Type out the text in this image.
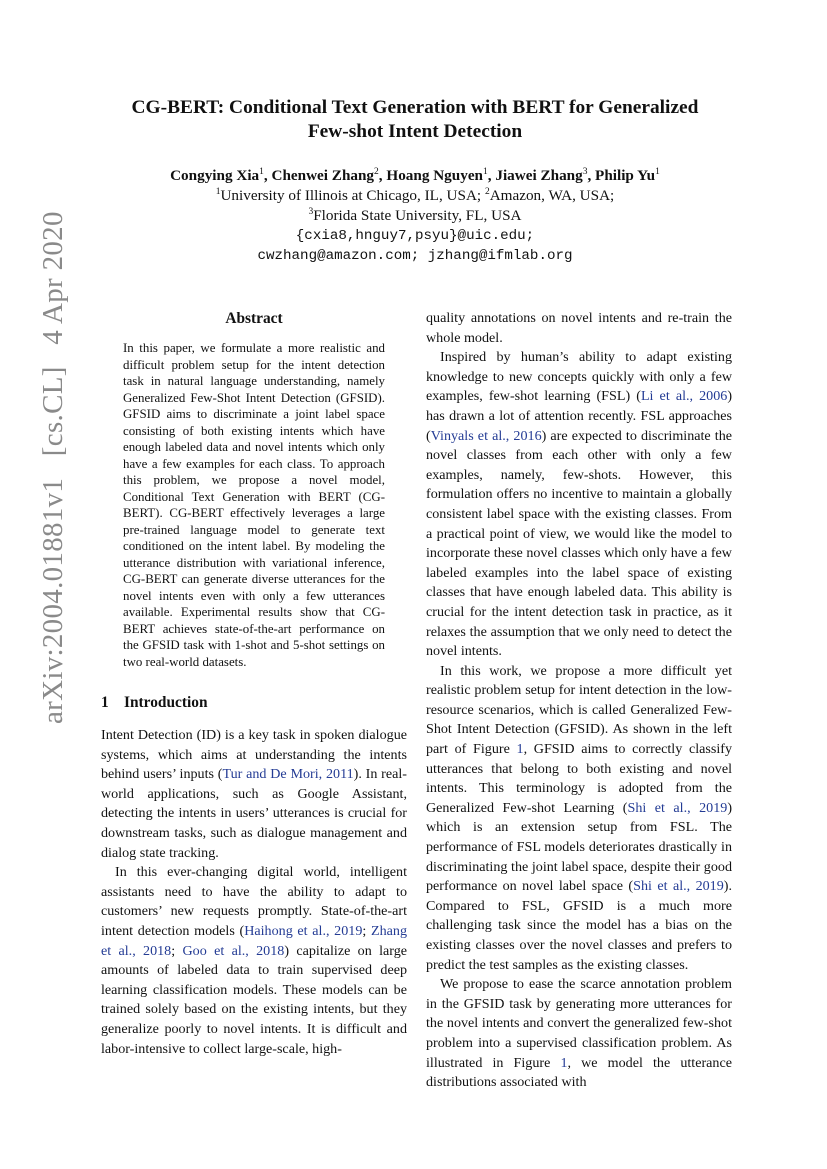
arXiv:2004.01881v1 [cs.CL] 4 Apr 2020
CG-BERT: Conditional Text Generation with BERT for Generalized
Few-shot Intent Detection
Congying Xia$^1$, Chenwei Zhang$^2$, Hoang Nguyen$^1$, Jiawei Zhang$^3$, Philip Yu$^1$
$^1$University of Illinois at Chicago, IL, USA; $^2$Amazon, WA, USA;
$^3$Florida State University, FL, USA
{cxia8,hnguy7,psyu}@uic.edu;
cwzhang@amazon.com; jzhang@ifmlab.org
Abstract
In this paper, we formulate a more realistic and difficult problem setup for the intent detection task in natural language understanding, namely Generalized Few-Shot Intent Detection (GFSID). GFSID aims to discriminate a joint label space consisting of both existing intents which have enough labeled data and novel intents which only have a few examples for each class. To approach this problem, we propose a novel model, Conditional Text Generation with BERT (CG-BERT). CG-BERT effectively leverages a large pre-trained language model to generate text conditioned on the intent label. By modeling the utterance distribution with variational inference, CG-BERT can generate diverse utterances for the novel intents even with only a few utterances available. Experimental results show that CG-BERT achieves state-of-the-art performance on the GFSID task with 1-shot and 5-shot settings on two real-world datasets.
1 Introduction

Intent Detection (ID) is a key task in spoken dialogue systems, which aims at understanding the intents behind users’ inputs (Tur and De Mori, 2011). In real-world applications, such as Google Assistant, detecting the intents in users’ utterances is crucial for downstream tasks, such as dialogue management and dialog state tracking.

In this ever-changing digital world, intelligent assistants need to have the ability to adapt to customers’ new requests promptly. State-of-the-art intent detection models (Haihong et al., 2019; Zhang et al., 2018; Goo et al., 2018) capitalize on large amounts of labeled data to train supervised deep learning classification models. These models can be trained solely based on the existing intents, but they generalize poorly to novel intents. It is difficult and labor-intensive to collect large-scale, high-

quality annotations on novel intents and re-train the whole model.

Inspired by human’s ability to adapt existing knowledge to new concepts quickly with only a few examples, few-shot learning (FSL) (Li et al., 2006) has drawn a lot of attention recently. FSL approaches (Vinyals et al., 2016) are expected to discriminate the novel classes from each other with only a few examples, namely, few-shots. However, this formulation offers no incentive to maintain a globally consistent label space with the existing classes. From a practical point of view, we would like the model to incorporate these novel classes which only have a few labeled examples into the label space of existing classes that have enough labeled data. This ability is crucial for the intent detection task in practice, as it relaxes the assumption that we only need to detect the novel intents.

In this work, we propose a more difficult yet realistic problem setup for intent detection in the low-resource scenarios, which is called Generalized Few-Shot Intent Detection (GFSID). As shown in the left part of Figure 1, GFSID aims to correctly classify utterances that belong to both existing and novel intents. This terminology is adopted from the Generalized Few-shot Learning (Shi et al., 2019) which is an extension setup from FSL. The performance of FSL models deteriorates drastically in discriminating the joint label space, despite their good performance on novel label space (Shi et al., 2019). Compared to FSL, GFSID is a much more challenging task since the model has a bias on the existing classes over the novel classes and prefers to predict the test samples as the existing classes.

We propose to ease the scarce annotation problem in the GFSID task by generating more utterances for the novel intents and convert the generalized few-shot problem into a supervised classification problem. As illustrated in Figure 1, we model the utterance distributions associated with
